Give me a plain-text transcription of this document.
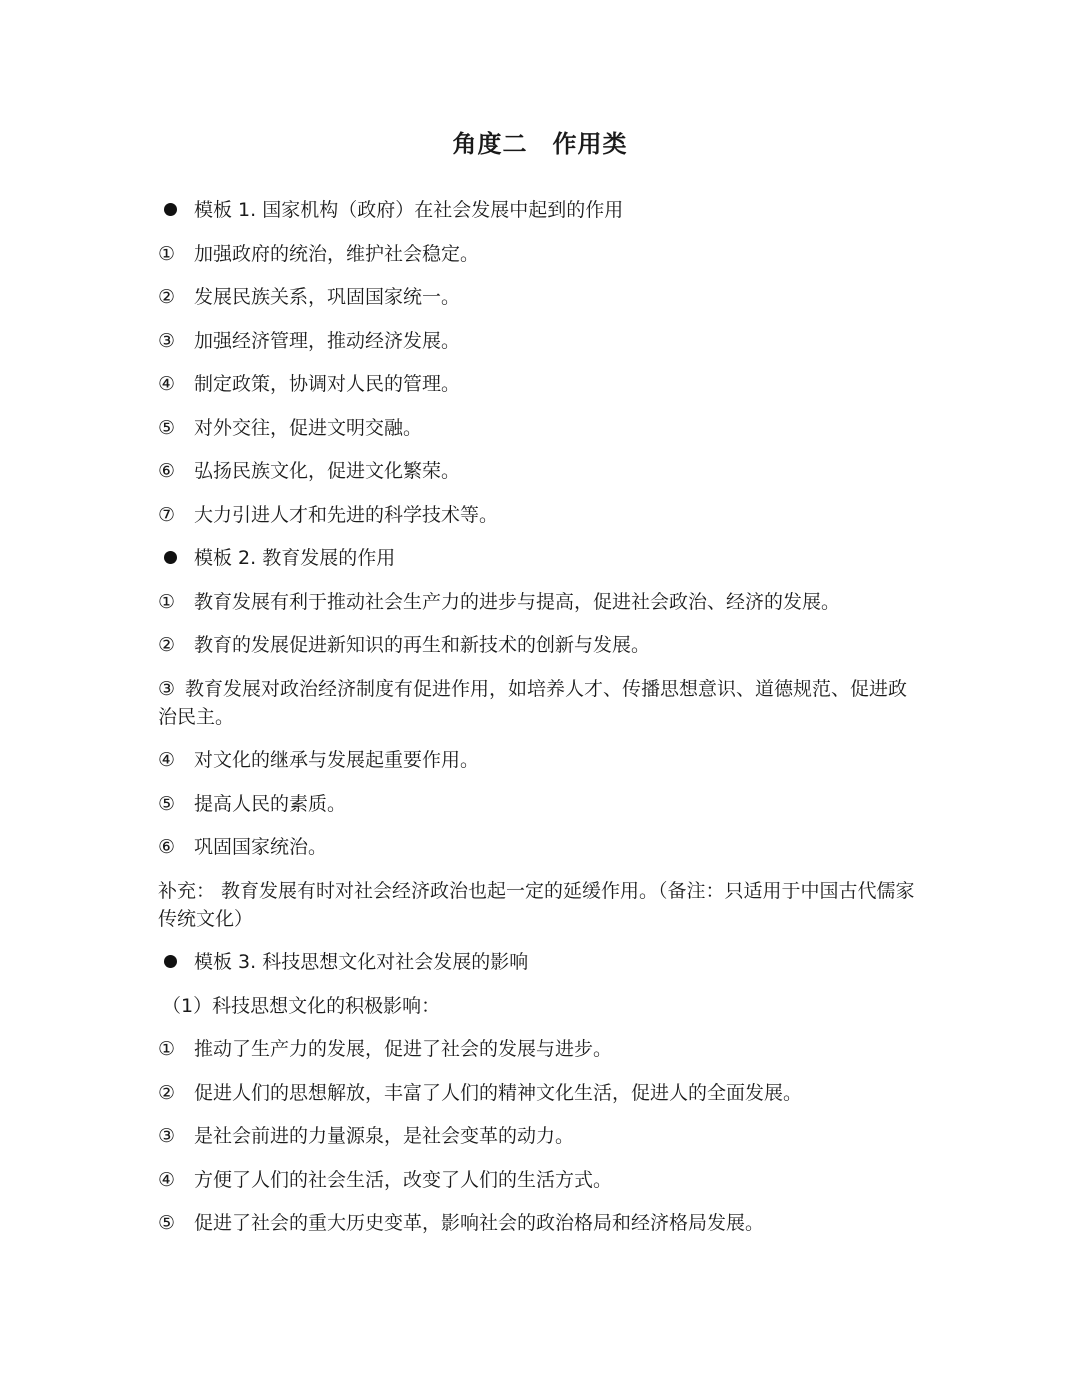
角度二　作用类
模板 1. 国家机构（政府）在社会发展中起到的作用
① 加强政府的统治，维护社会稳定。
② 发展民族关系，巩固国家统一。
③ 加强经济管理，推动经济发展。
④ 制定政策，协调对人民的管理。
⑤ 对外交往，促进文明交融。
⑥ 弘扬民族文化，促进文化繁荣。
⑦ 大力引进人才和先进的科学技术等。
模板 2. 教育发展的作用
① 教育发展有利于推动社会生产力的进步与提高，促进社会政治、经济的发展。
② 教育的发展促进新知识的再生和新技术的创新与发展。
③ 教育发展对政治经济制度有促进作用，如培养人才、传播思想意识、道德规范、促进政治民主。
④ 对文化的继承与发展起重要作用。
⑤ 提高人民的素质。
⑥ 巩固国家统治。
补充： 教育发展有时对社会经济政治也起一定的延缓作用。（备注：只适用于中国古代儒家传统文化）
模板 3. 科技思想文化对社会发展的影响
（1）科技思想文化的积极影响：
① 推动了生产力的发展，促进了社会的发展与进步。
② 促进人们的思想解放，丰富了人们的精神文化生活，促进人的全面发展。
③ 是社会前进的力量源泉，是社会变革的动力。
④ 方便了人们的社会生活，改变了人们的生活方式。
⑤ 促进了社会的重大历史变革，影响社会的政治格局和经济格局发展。
